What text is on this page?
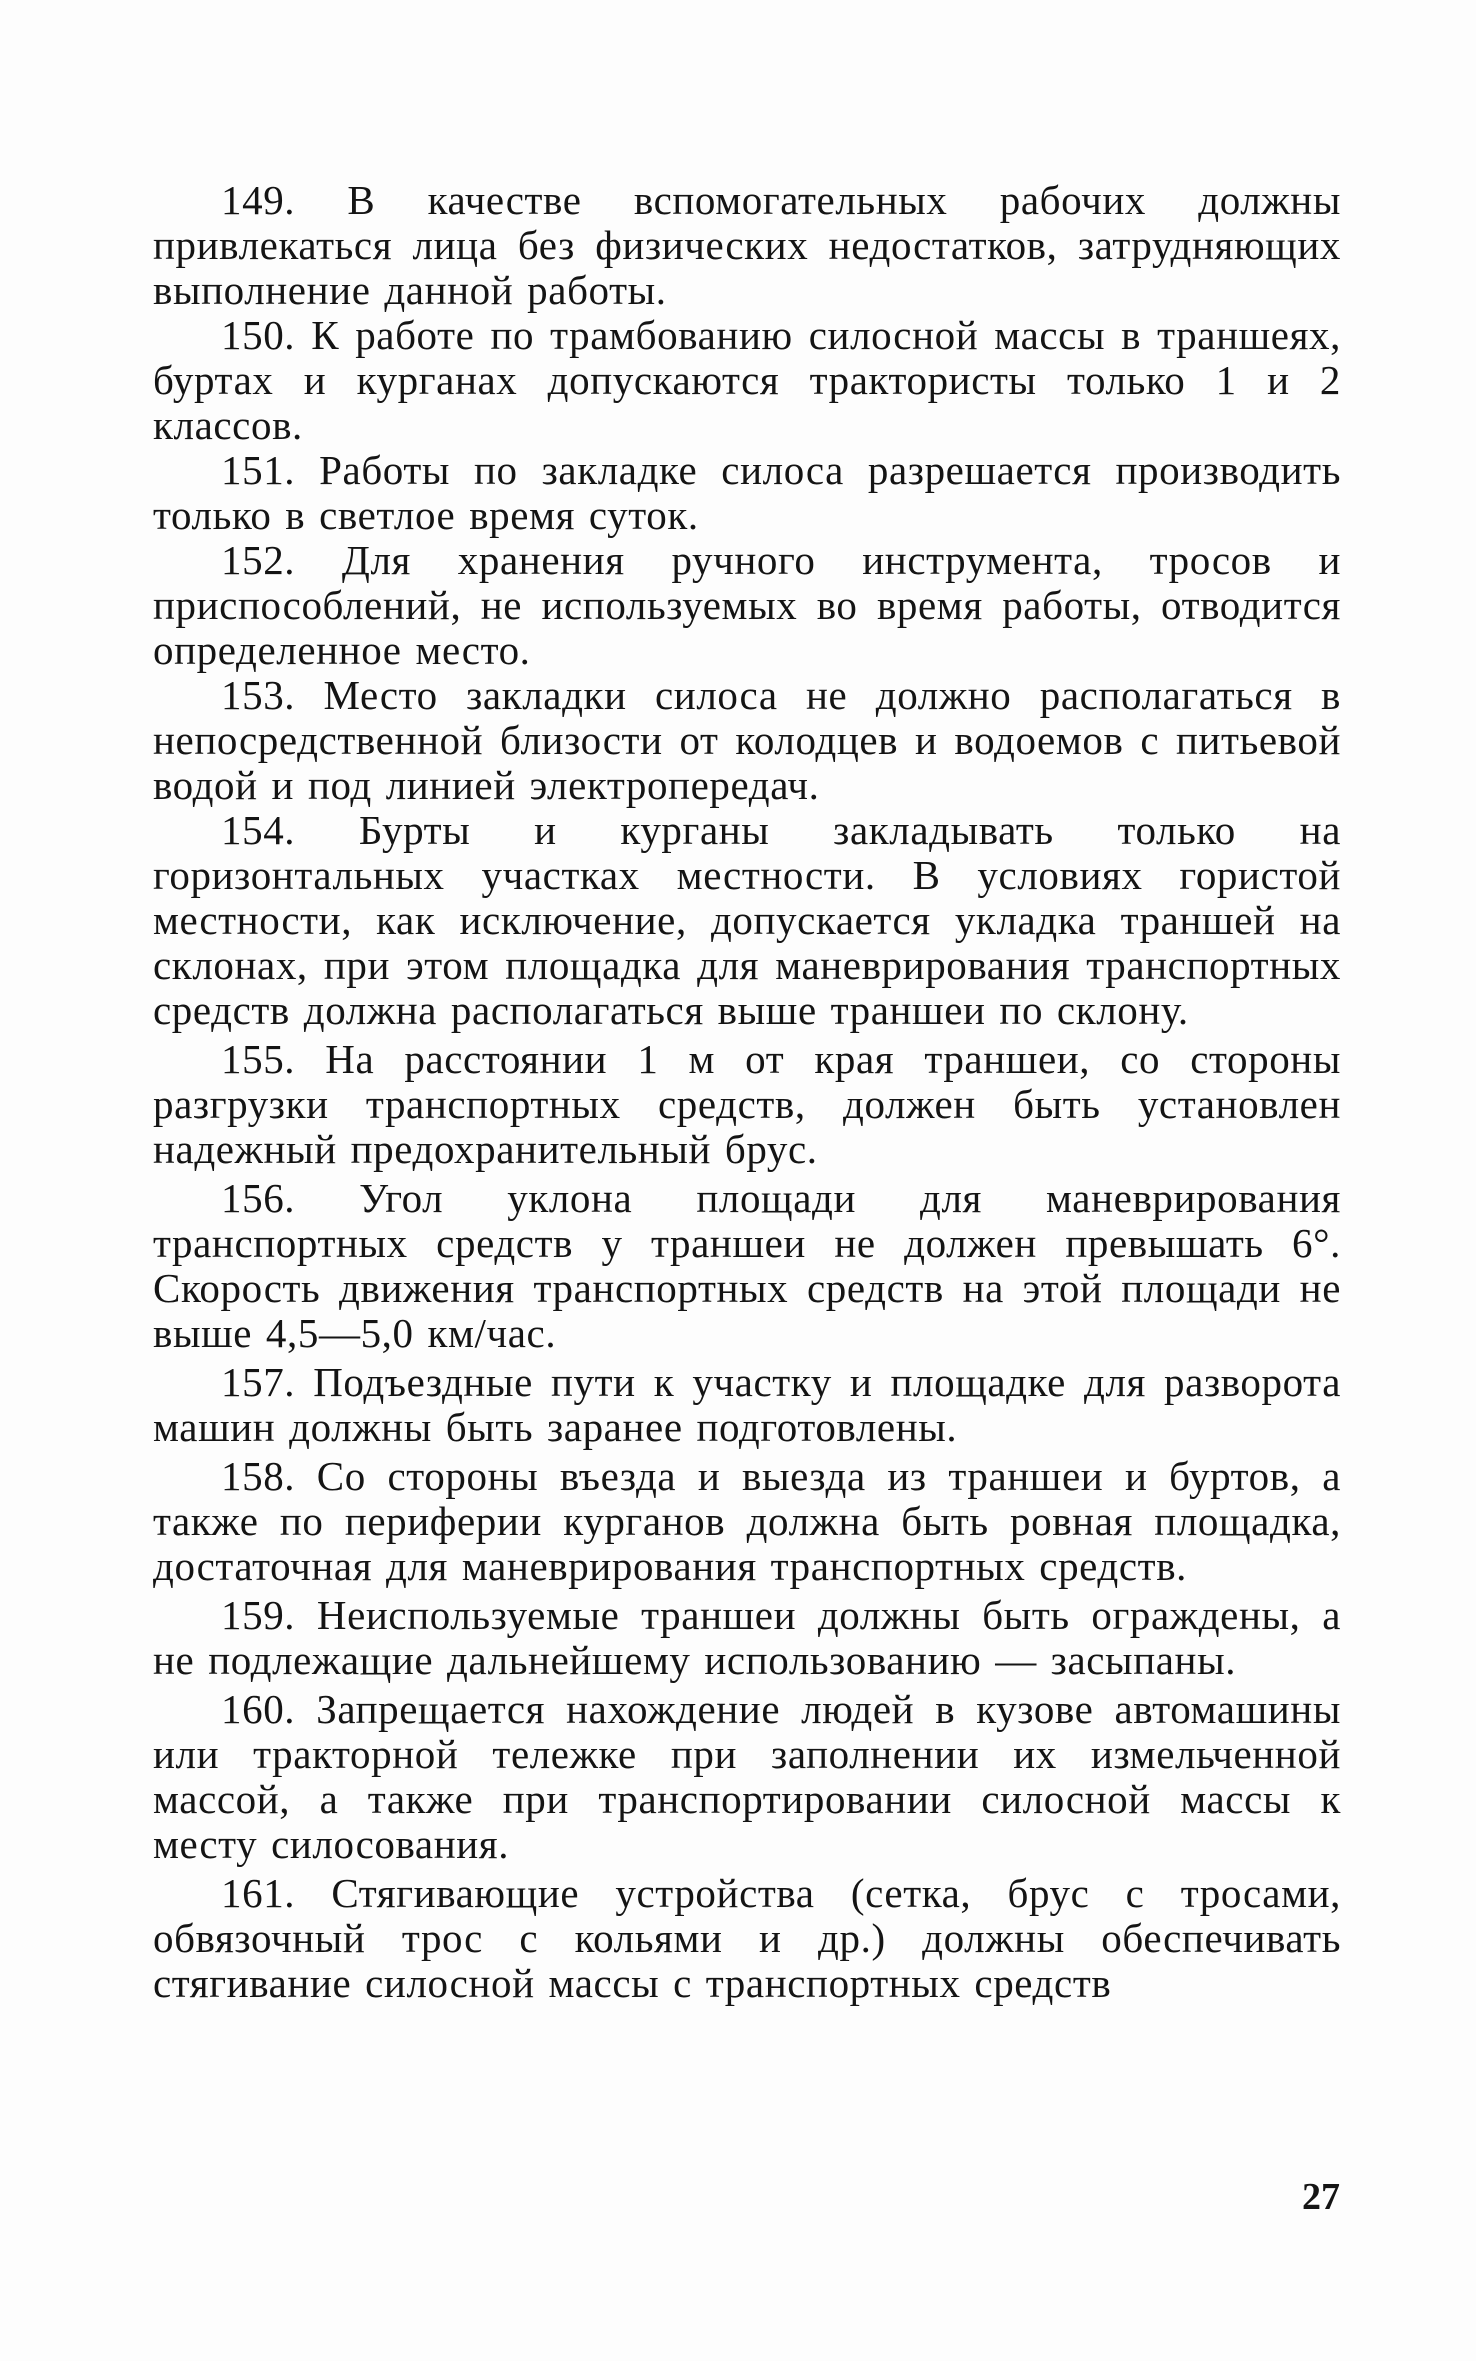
149. В качестве вспомогательных рабочих должны привлекаться лица без физических недостатков, затрудняющих выполнение данной работы.

150. К работе по трамбованию силосной массы в траншеях, буртах и курганах допускаются трактористы только 1 и 2 классов.

151. Работы по закладке силоса разрешается производить только в светлое время суток.

152. Для хранения ручного инструмента, тросов и приспособлений, не используемых во время работы, отводится определенное место.

153. Место закладки силоса не должно располагаться в непосредственной близости от колодцев и водоемов с питьевой водой и под линией электропередач.

154. Бурты и курганы закладывать только на горизонтальных участках местности. В условиях гористой местности, как исключение, допускается укладка траншей на склонах, при этом площадка для маневрирования транспортных средств должна располагаться выше траншеи по склону.

155. На расстоянии 1 м от края траншеи, со стороны разгрузки транспортных средств, должен быть установлен надежный предохранительный брус.

156. Угол уклона площади для маневрирования транспортных средств у траншеи не должен превышать 6°. Скорость движения транспортных средств на этой площади не выше 4,5—5,0 км/час.

157. Подъездные пути к участку и площадке для разворота машин должны быть заранее подготовлены.

158. Со стороны въезда и выезда из траншеи и буртов, а также по периферии курганов должна быть ровная площадка, достаточная для маневрирования транспортных средств.

159. Неиспользуемые траншеи должны быть ограждены, а не подлежащие дальнейшему использованию — засыпаны.

160. Запрещается нахождение людей в кузове автомашины или тракторной тележке при заполнении их измельченной массой, а также при транспортировании силосной массы к месту силосования.

161. Стягивающие устройства (сетка, брус с тросами, обвязочный трос с кольями и др.) должны обеспечивать стягивание силосной массы с транспортных средств

27
